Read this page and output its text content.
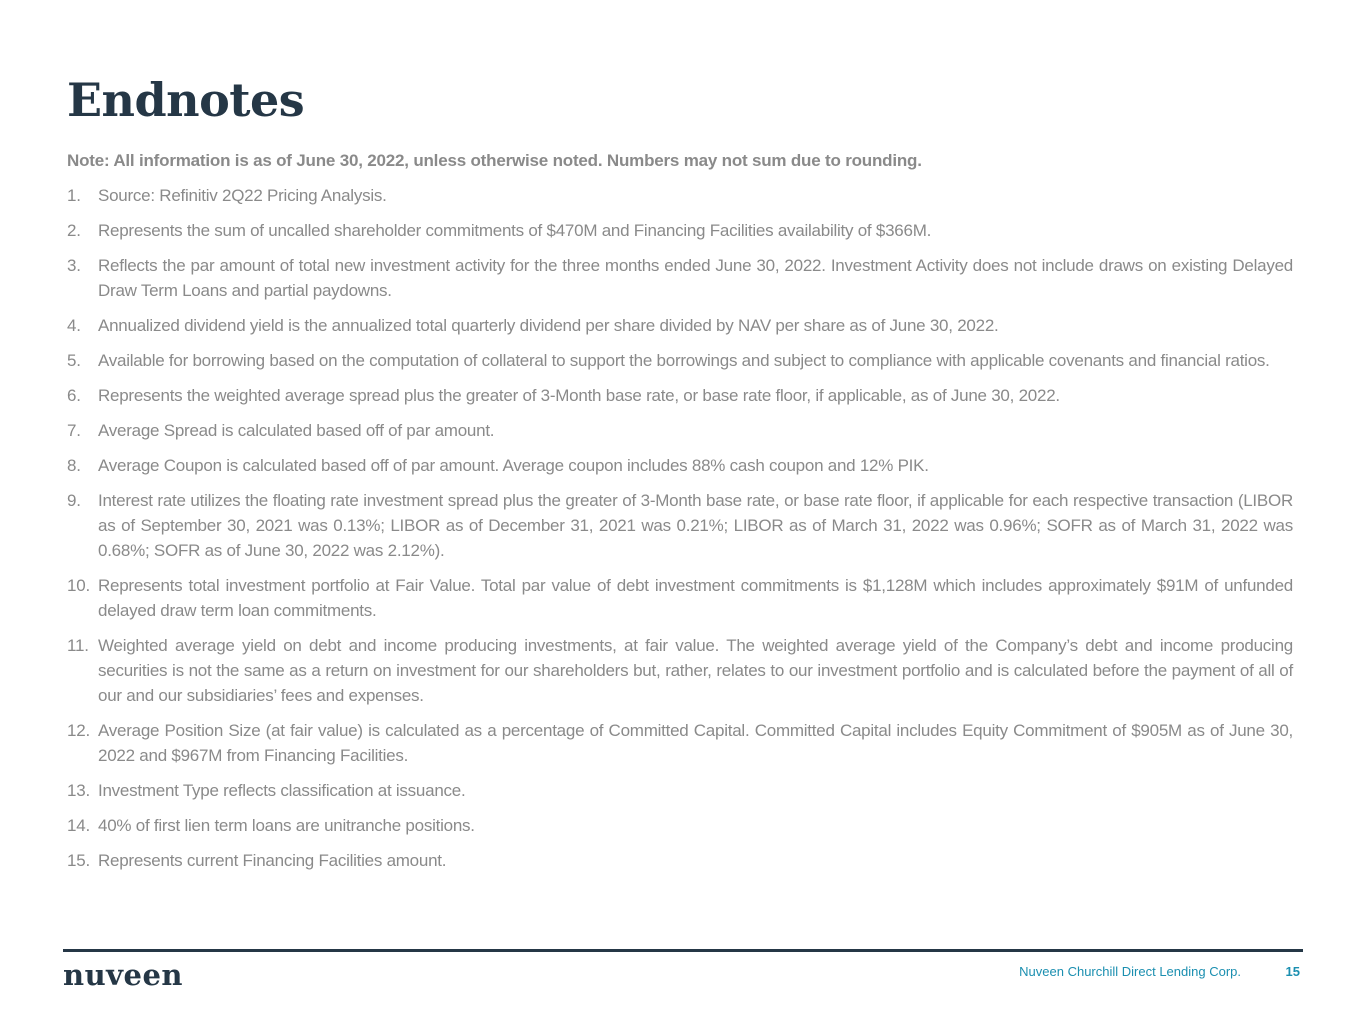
Endnotes

Note: All information is as of June 30, 2022, unless otherwise noted. Numbers may not sum due to rounding.

1.	Source: Refinitiv 2Q22 Pricing Analysis.
2.	Represents the sum of uncalled shareholder commitments of $470M and Financing Facilities availability of $366M.
3.	Reflects the par amount of total new investment activity for the three months ended June 30, 2022. Investment Activity does not include draws on existing Delayed Draw Term Loans and partial paydowns.
4.	Annualized dividend yield is the annualized total quarterly dividend per share divided by NAV per share as of June 30, 2022.
5.	Available for borrowing based on the computation of collateral to support the borrowings and subject to compliance with applicable covenants and financial ratios.
6.	Represents the weighted average spread plus the greater of 3-Month base rate, or base rate floor, if applicable, as of June 30, 2022.
7.	Average Spread is calculated based off of par amount.
8.	Average Coupon is calculated based off of par amount. Average coupon includes 88% cash coupon and 12% PIK.
9.	Interest rate utilizes the floating rate investment spread plus the greater of 3-Month base rate, or base rate floor, if applicable for each respective transaction (LIBOR as of September 30, 2021 was 0.13%; LIBOR as of December 31, 2021 was 0.21%; LIBOR as of March 31, 2022 was 0.96%; SOFR as of March 31, 2022 was 0.68%; SOFR as of June 30, 2022 was 2.12%).
10. Represents total investment portfolio at Fair Value. Total par value of debt investment commitments is $1,128M which includes approximately $91M of unfunded delayed draw term loan commitments.
11. Weighted average yield on debt and income producing investments, at fair value. The weighted average yield of the Company’s debt and income producing securities is not the same as a return on investment for our shareholders but, rather, relates to our investment portfolio and is calculated before the payment of all of our and our subsidiaries’ fees and expenses.
12. Average Position Size (at fair value) is calculated as a percentage of Committed Capital. Committed Capital includes Equity Commitment of $905M as of June 30, 2022 and $967M from Financing Facilities.
13. Investment Type reflects classification at issuance.
14. 40% of first lien term loans are unitranche positions.
15. Represents current Financing Facilities amount.
nuveen	Nuveen Churchill Direct Lending Corp.	15
